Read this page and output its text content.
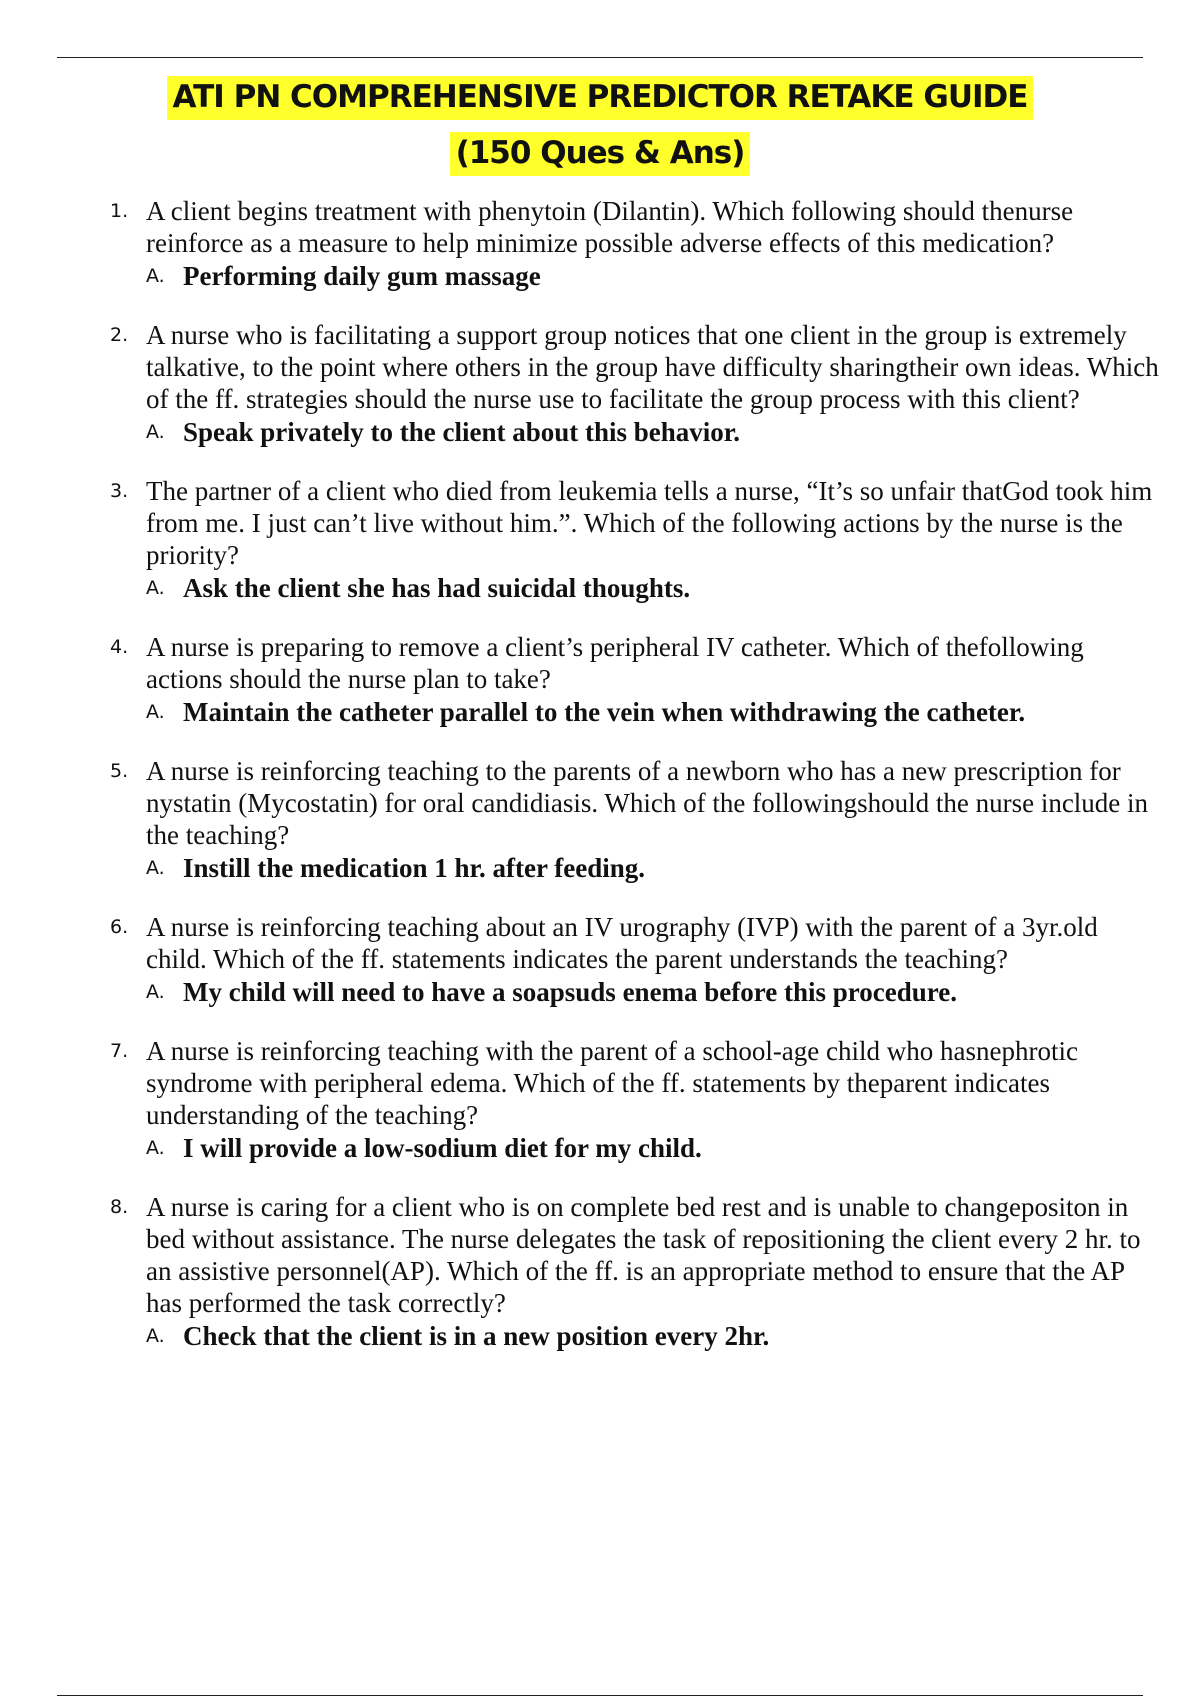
ATI PN COMPREHENSIVE PREDICTOR RETAKE GUIDE
(150 Ques & Ans)
1. A client begins treatment with phenytoin (Dilantin). Which following should thenurse reinforce as a measure to help minimize possible adverse effects of this medication?
A. Performing daily gum massage
2. A nurse who is facilitating a support group notices that one client in the group is extremely talkative, to the point where others in the group have difficulty sharingtheir own ideas. Which of the ff. strategies should the nurse use to facilitate the group process with this client?
A. Speak privately to the client about this behavior.
3. The partner of a client who died from leukemia tells a nurse, “It’s so unfair thatGod took him from me. I just can’t live without him.”. Which of the following actions by the nurse is the priority?
A. Ask the client she has had suicidal thoughts.
4. A nurse is preparing to remove a client’s peripheral IV catheter. Which of thefollowing actions should the nurse plan to take?
A. Maintain the catheter parallel to the vein when withdrawing the catheter.
5. A nurse is reinforcing teaching to the parents of a newborn who has a new prescription for nystatin (Mycostatin) for oral candidiasis. Which of the followingshould the nurse include in the teaching?
A. Instill the medication 1 hr. after feeding.
6. A nurse is reinforcing teaching about an IV urography (IVP) with the parent of a 3yr.old child. Which of the ff. statements indicates the parent understands the teaching?
A. My child will need to have a soapsuds enema before this procedure.
7. A nurse is reinforcing teaching with the parent of a school-age child who hasnephrotic syndrome with peripheral edema. Which of the ff. statements by theparent indicates understanding of the teaching?
A. I will provide a low-sodium diet for my child.
8. A nurse is caring for a client who is on complete bed rest and is unable to changepositon in bed without assistance. The nurse delegates the task of repositioning the client every 2 hr. to an assistive personnel(AP). Which of the ff. is an appropriate method to ensure that the AP has performed the task correctly?
A. Check that the client is in a new position every 2hr.
